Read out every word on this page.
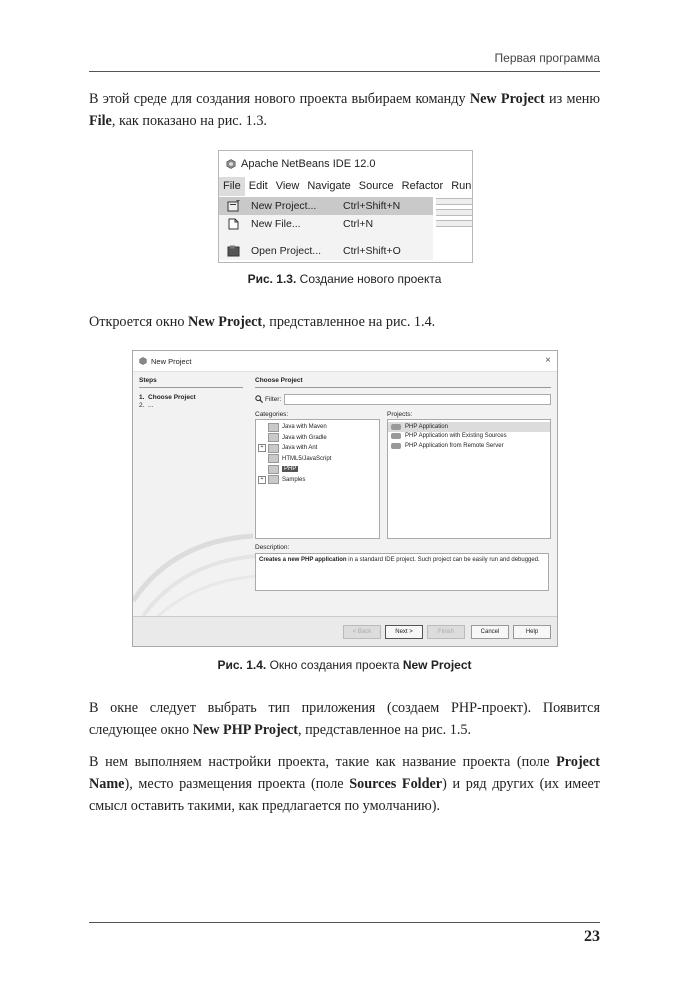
Первая программа
В этой среде для создания нового проекта выбираем команду New Project из меню File, как показано на рис. 1.3.
Apache NetBeans IDE 12.0
File Edit View Navigate Source Refactor Run
New Project...	Ctrl+Shift+N
New File...	Ctrl+N
Open Project...	Ctrl+Shift+O
Рис. 1.3. Создание нового проекта
Откроется окно New Project, представленное на рис. 1.4.
New Project	×
Steps
1. Choose Project
2. ...
Choose Project
Filter:
Categories:	Projects:
Java with Maven
Java with Gradle
+	Java with Ant
HTML5/JavaScript
PHP
+	Samples
PHP Application
PHP Application with Existing Sources
PHP Application from Remote Server
Description:
Creates a new PHP application in a standard IDE project. Such project can be easily run and debugged.
< Back	Next >	Finish	Cancel	Help
Рис. 1.4. Окно создания проекта New Project
В окне следует выбрать тип приложения (создаем PHP-проект). Появится следующее окно New PHP Project, представленное на рис. 1.5.
В нем выполняем настройки проекта, такие как название проекта (поле Project Name), место размещения проекта (поле Sources Folder) и ряд других (их имеет смысл оставить такими, как предлагается по умолчанию).
23
